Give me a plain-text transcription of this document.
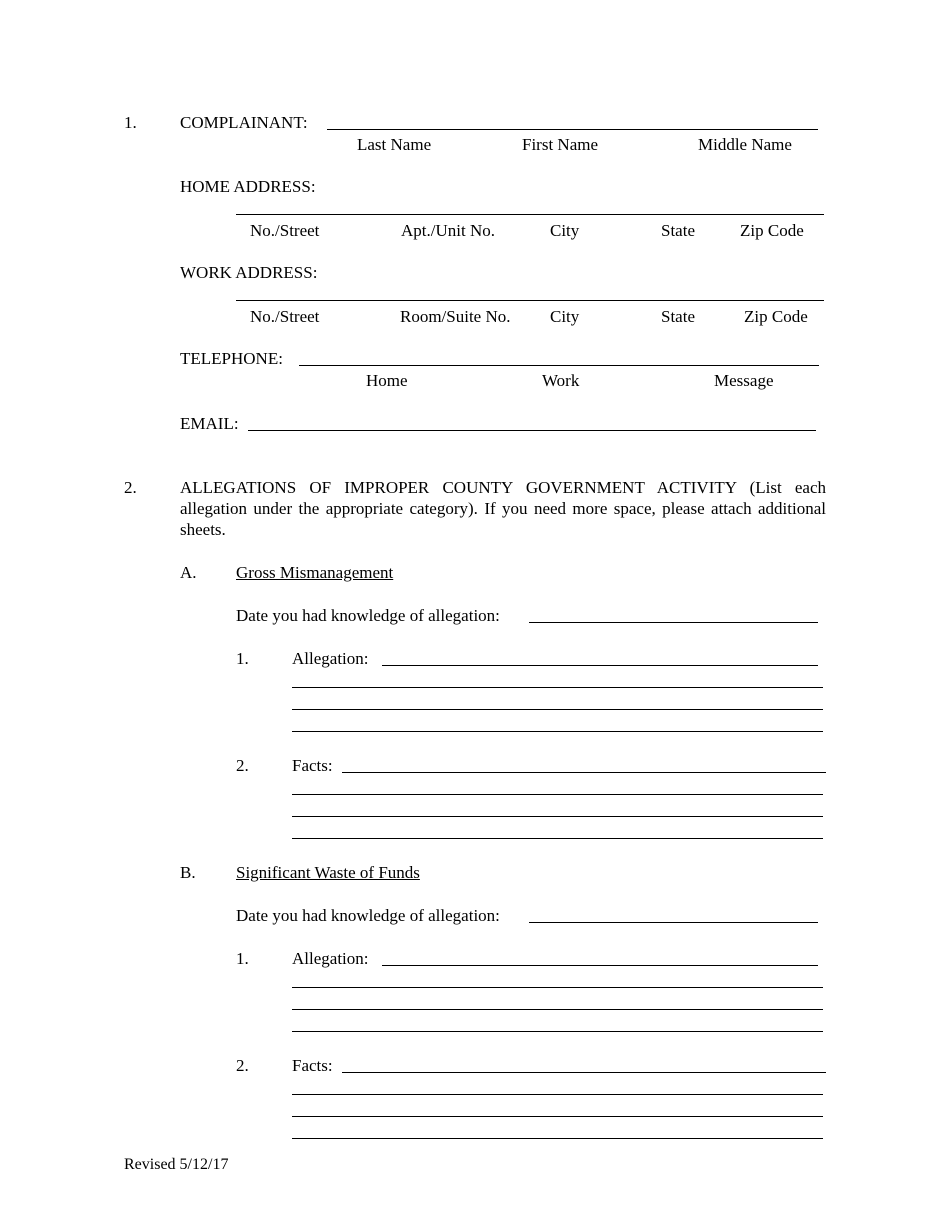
1.	COMPLAINANT:
Last Name	First Name	Middle Name
HOME ADDRESS:
No./Street	Apt./Unit No.	City	State	Zip Code
WORK ADDRESS:
No./Street	Room/Suite No. City	State	Zip Code
TELEPHONE:
Home	Work	Message
EMAIL:
2.	ALLEGATIONS OF IMPROPER COUNTY GOVERNMENT ACTIVITY (List each allegation under the appropriate category). If you need more space, please attach additional sheets.
A. Gross Mismanagement
Date you had knowledge of allegation:
1.	Allegation:
2.	Facts:
B. Significant Waste of Funds
Date you had knowledge of allegation:
1.	Allegation:
2.	Facts:
Revised 5/12/17
